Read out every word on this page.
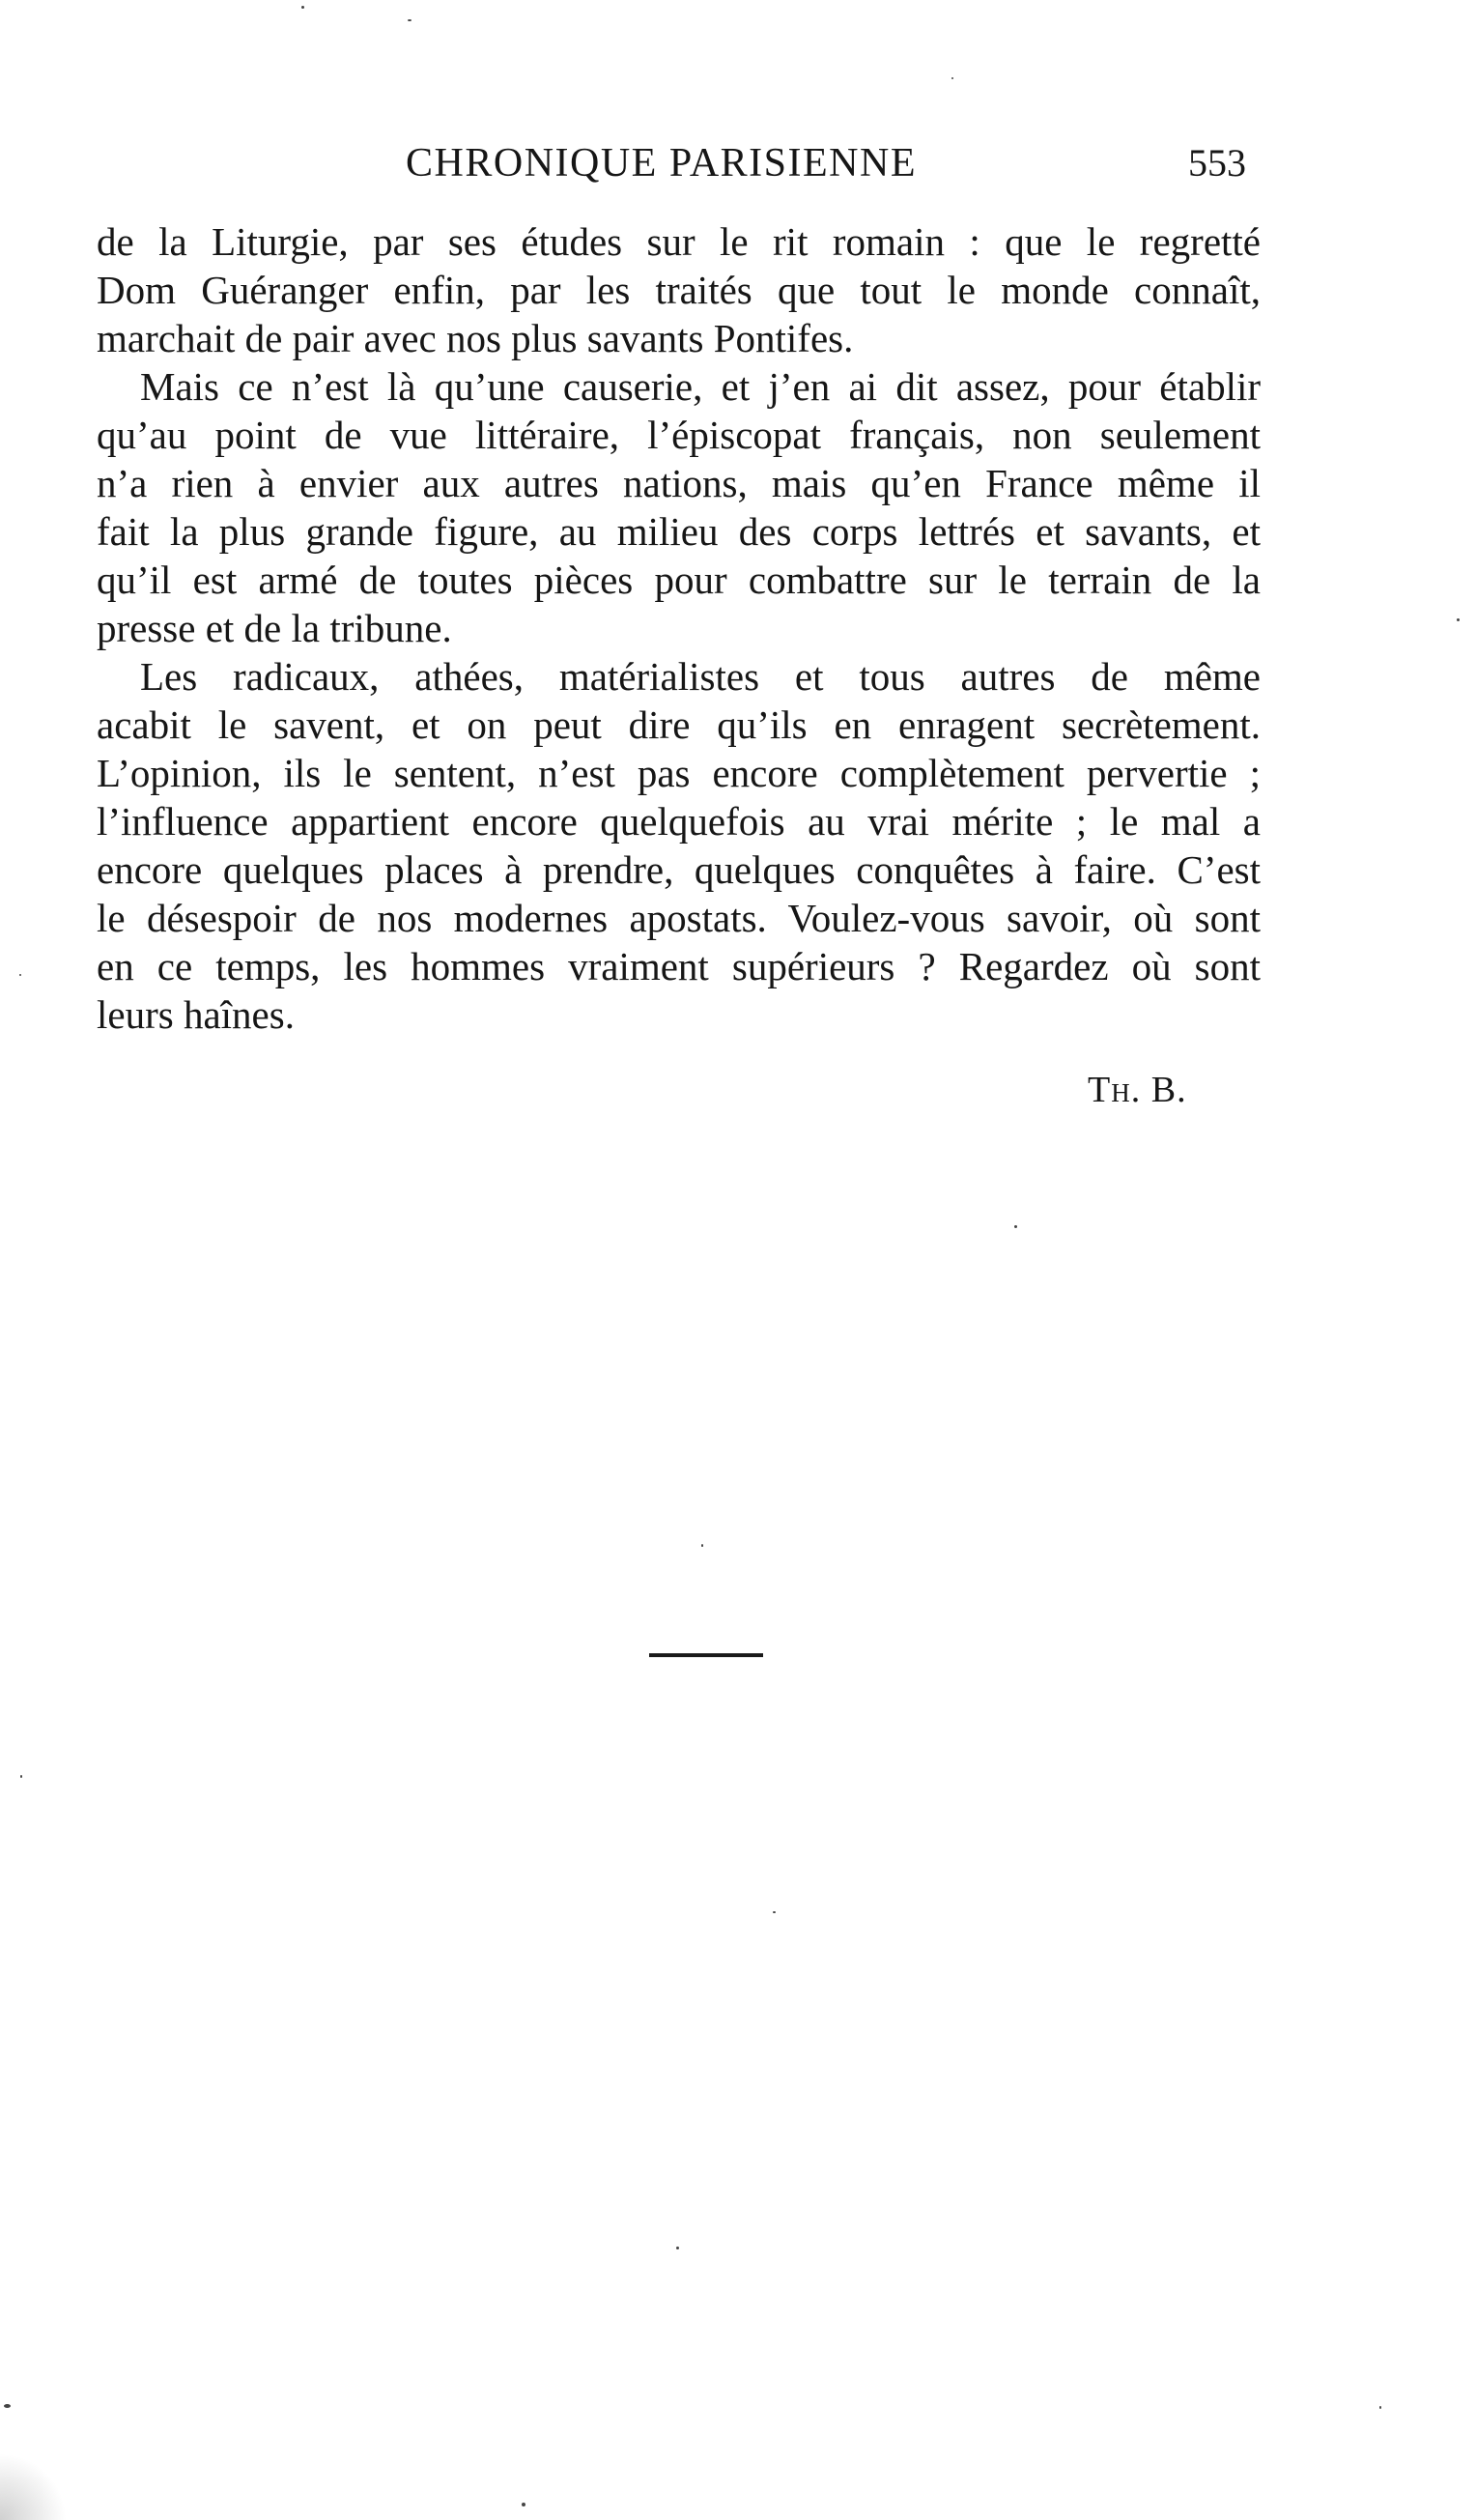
CHRONIQUE PARISIENNE	553

de la Liturgie, par ses études sur le rit romain : que le regretté
Dom Guéranger enfin, par les traités que tout le monde connaît,
marchait de pair avec nos plus savants Pontifes.

Mais ce n’est là qu’une causerie, et j’en ai dit assez, pour établir
qu’au point de vue littéraire, l’épiscopat français, non seulement
n’a rien à envier aux autres nations, mais qu’en France même il
fait la plus grande figure, au milieu des corps lettrés et savants, et
qu’il est armé de toutes pièces pour combattre sur le terrain de la
presse et de la tribune.

Les radicaux, athées, matérialistes et tous autres de même
acabit le savent, et on peut dire qu’ils en enragent secrètement.
L’opinion, ils le sentent, n’est pas encore complètement pervertie ;
l’influence appartient encore quelquefois au vrai mérite ; le mal a
encore quelques places à prendre, quelques conquêtes à faire. C’est
le désespoir de nos modernes apostats. Voulez-vous savoir, où sont
en ce temps, les hommes vraiment supérieurs ? Regardez où sont
leurs haînes.

Th. B.
